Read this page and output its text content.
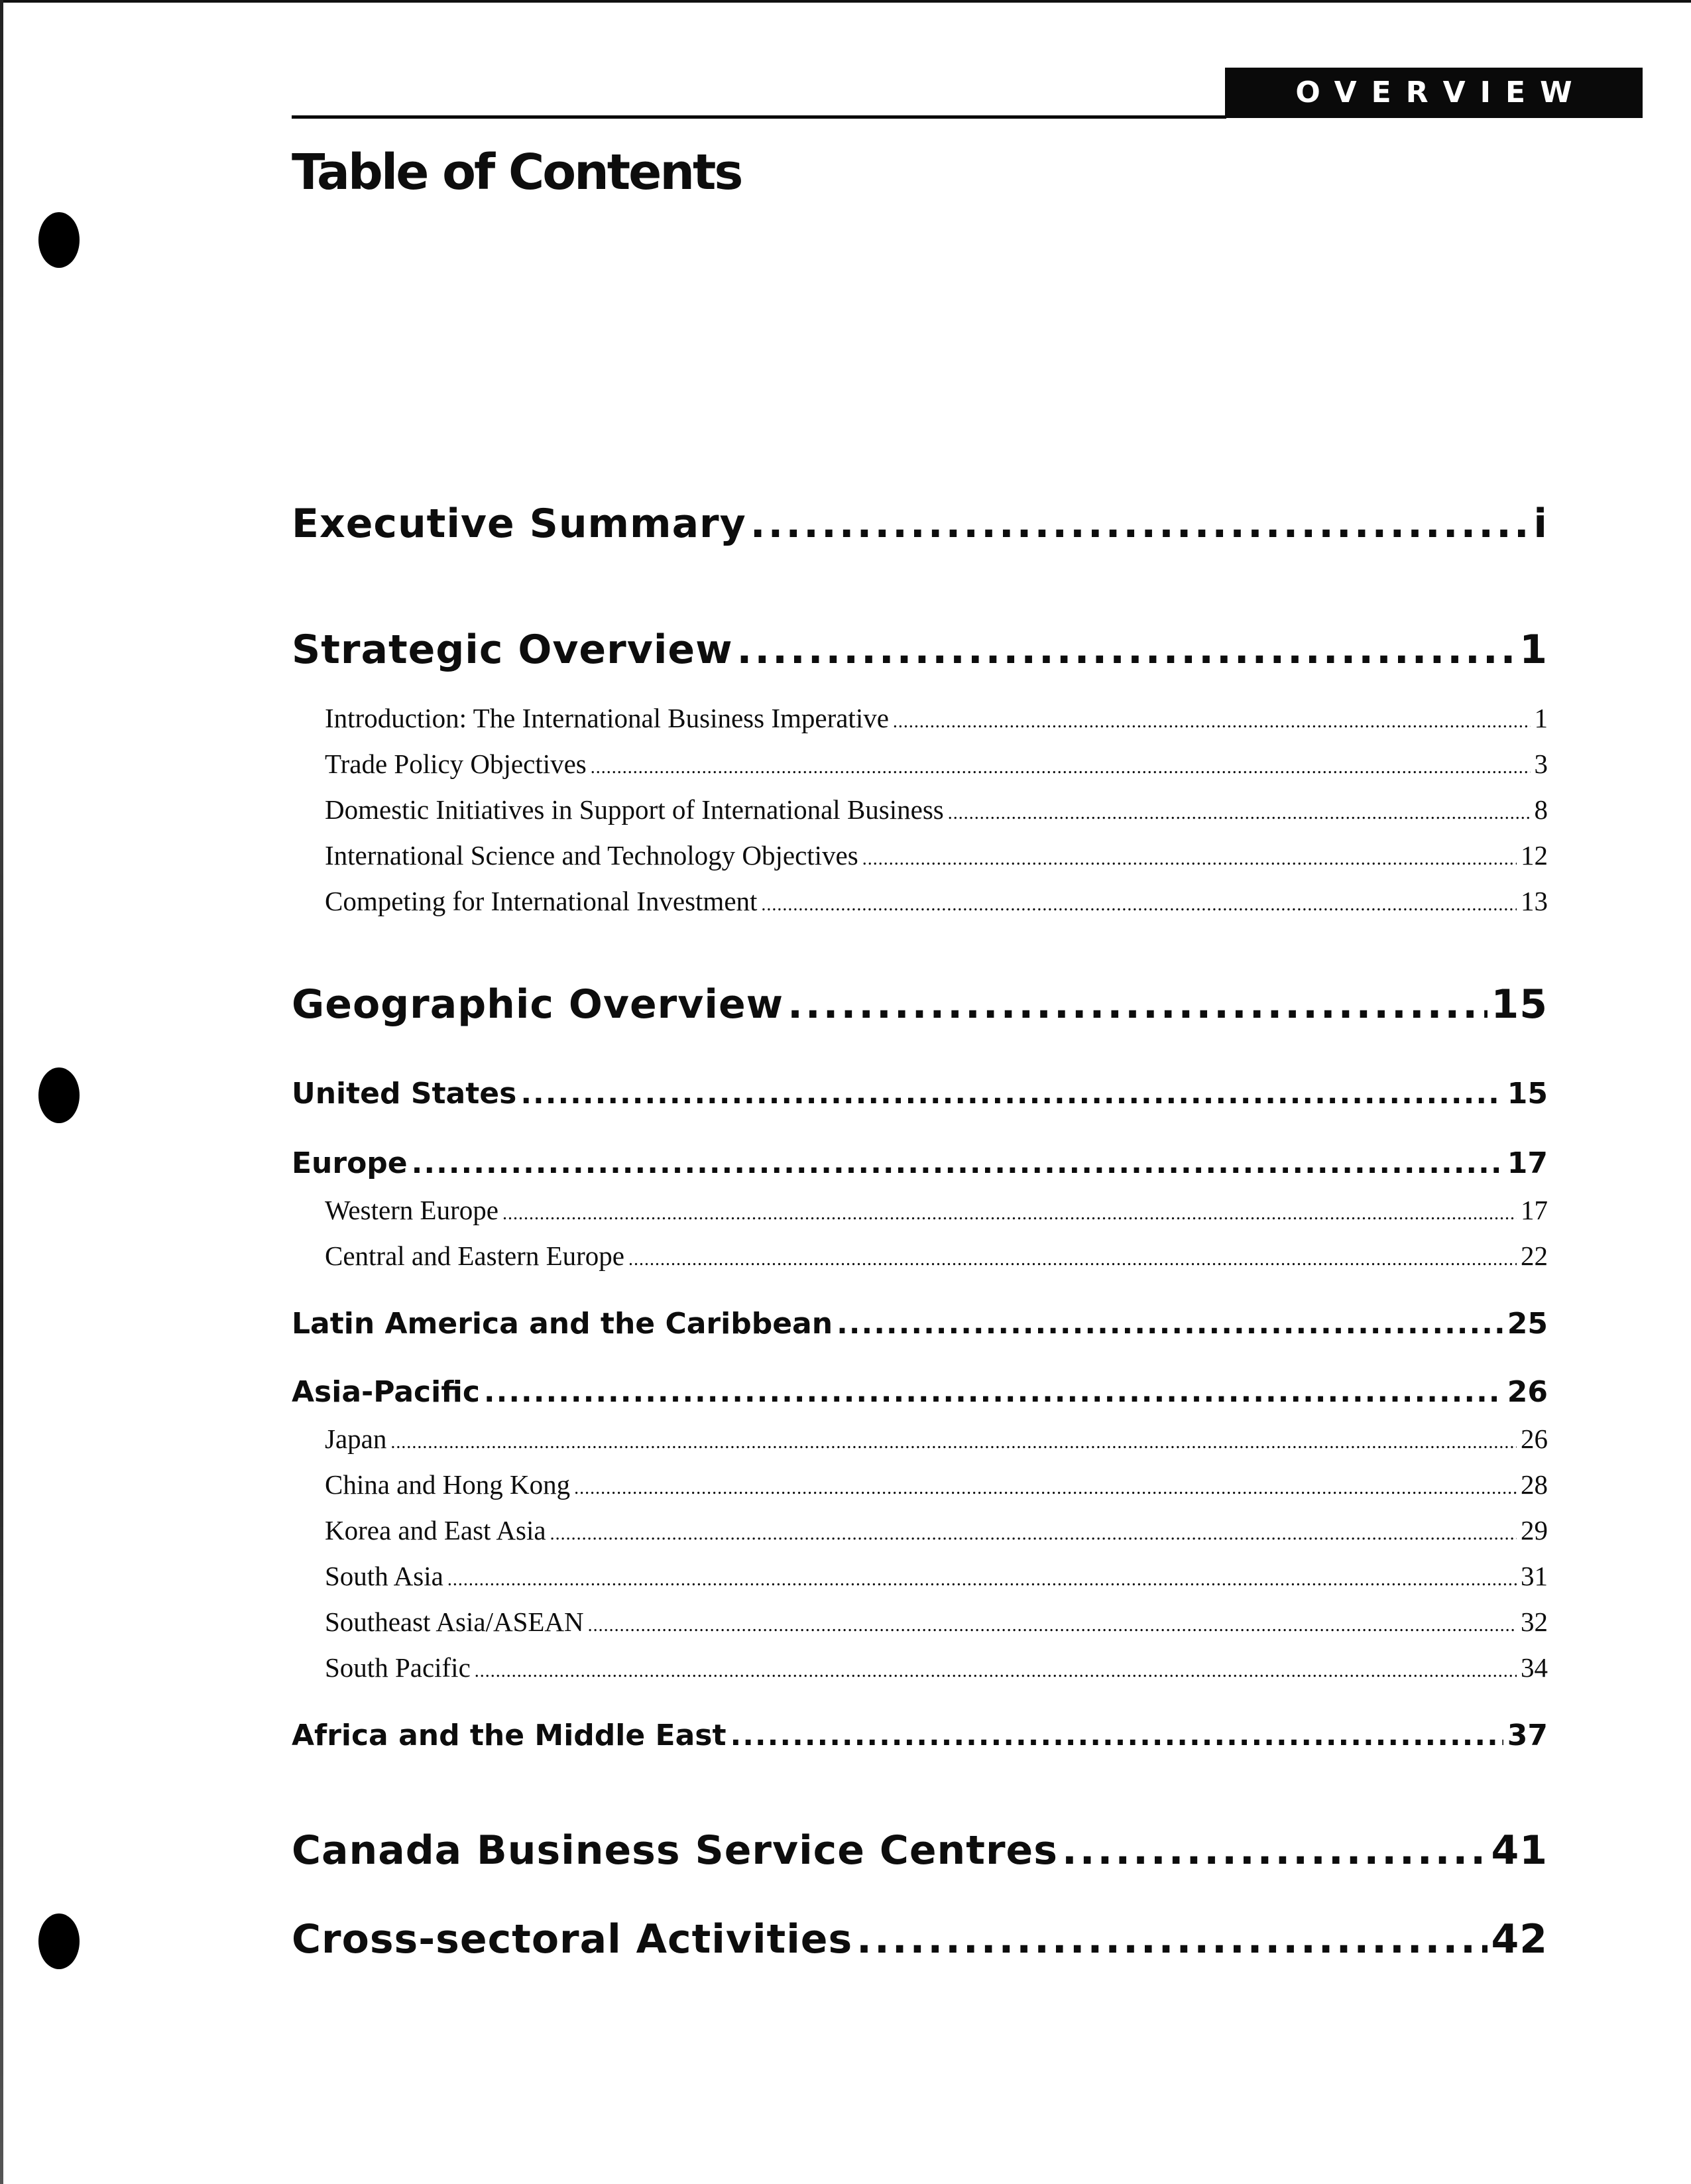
OVERVIEW
Table of Contents
Executive Summary .....	i
Strategic Overview .....	1
Introduction: The International Business Imperative .....	1
Trade Policy Objectives .....	3
Domestic Initiatives in Support of International Business .....	8
International Science and Technology Objectives .....	12
Competing for International Investment .....	13
Geographic Overview .....	15
United States .....	15
Europe .....	17
Western Europe .....	17
Central and Eastern Europe .....	22
Latin America and the Caribbean .....	25
Asia-Pacific .....	26
Japan .....	26
China and Hong Kong .....	28
Korea and East Asia .....	29
South Asia .....	31
Southeast Asia/ASEAN .....	32
South Pacific .....	34
Africa and the Middle East .....	37
Canada Business Service Centres .....	41
Cross-sectoral Activities .....	42
